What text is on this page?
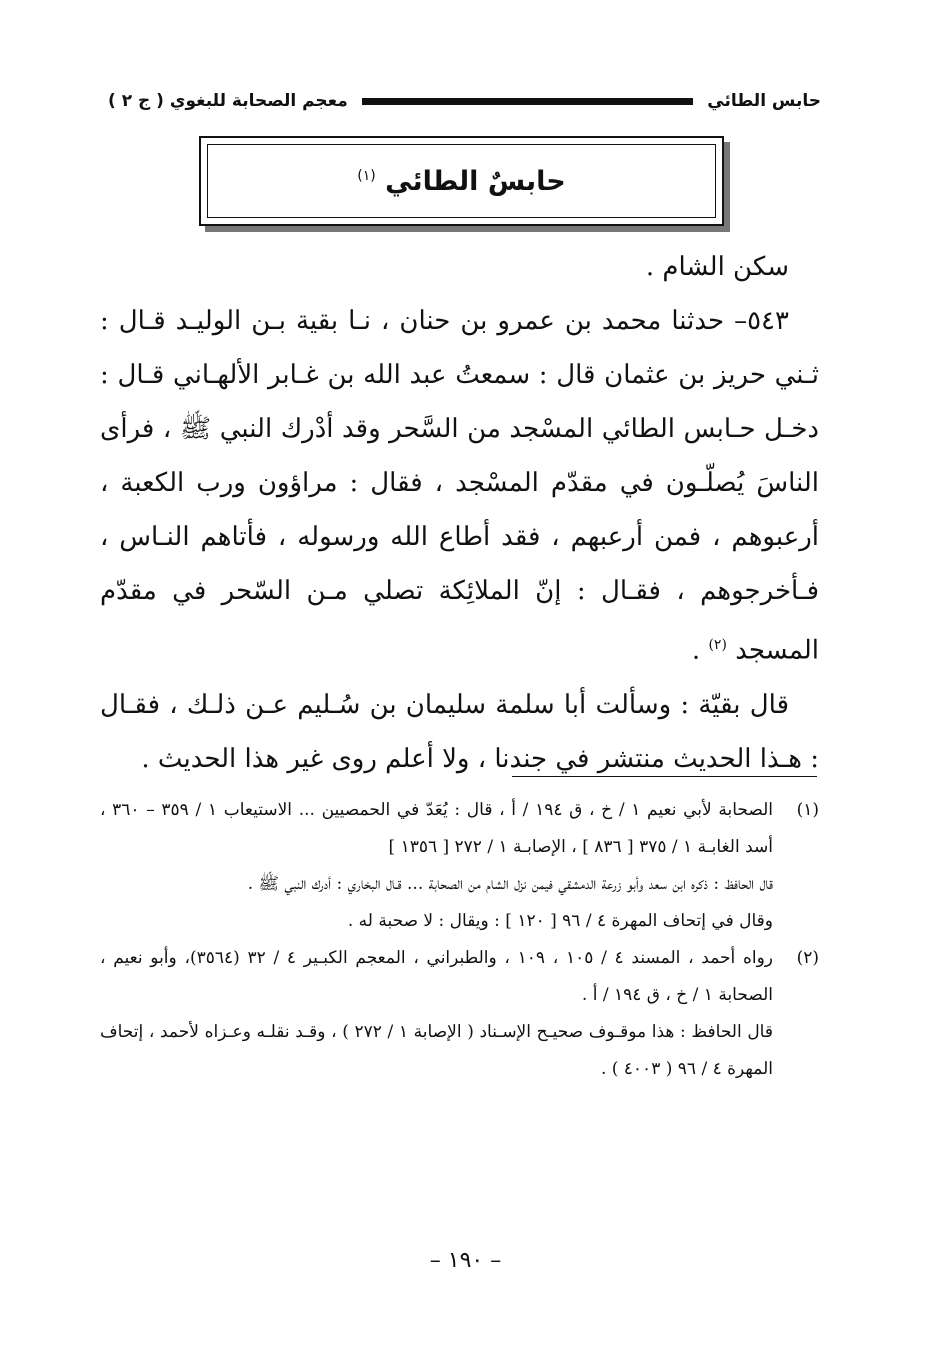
حابس الطائي
معجم الصحابة للبغوي ( ج ٢ )
حابسٌ الطائي $^{(١)}$

سكن الشام .

٥٤٣– حدثنا محمد بن عمرو بن حنان ، نـا بقية بـن الوليـد قـال : ثـني حريز بن عثمان قال : سمعتُ عبد الله بن غـابر الألهـاني قـال : دخـل حـابس الطائي المسْجد من السَّحر وقد أدْرك النبي ﷺ ، فرأى الناسَ يُصلّـون في مقدّم المسْجد ، فقال : مراؤون ورب الكعبة ، أرعبوهم ، فمن أرعبهم ، فقد أطاع الله ورسوله ، فأتاهم النـاس ، فـأخرجوهم ، فقـال : إنّ الملائِكة تصلي مـن السّحر في مقدّم المسجد $^{(٢)}$ .

قال بقيّة : وسألت أبا سلمة سليمان بن سُـليم عـن ذلـك ، فقـال : هـذا الحديث منتشر في جندنا ، ولا أعلم روى غير هذا الحديث .

(١)

الصحابة لأبي نعيم ١ / خ ، ق ١٩٤ / أ ، قال : يُعَدّ في الحمصيين ... الاستيعاب ١ / ٣٥٩ – ٣٦٠ ، أسد الغابـة ١ / ٣٧٥ [ ٨٣٦ ] ، الإصابـة ١ / ٢٧٢ [ ١٣٥٦ ]

قال الحافظ : ذكره ابن سعد وأبو زرعة الدمشقي فيمن نزل الشام من الصحابة ... قـال البخاري : أدرك النبي ﷺ .

وقال في إتحاف المهرة ٤ / ٩٦ [ ١٢٠ ] : ويقال : لا صحبة له .

(٢)

رواه أحمد ، المسند ٤ / ١٠٥ ، ١٠٩ ، والطبراني ، المعجم الكبـير ٤ / ٣٢ (٣٥٦٤)، وأبو نعيم ، الصحابة ١ / خ ، ق ١٩٤ / أ .

قال الحافظ : هذا موقـوف صحيـح الإسـناد ( الإصابة ١ / ٢٧٢ ) ، وقـد نقلـه وعـزاه لأحمد ، إتحاف المهرة ٤ / ٩٦ ( ٤٠٠٣ ) .

– ١٩٠ –
